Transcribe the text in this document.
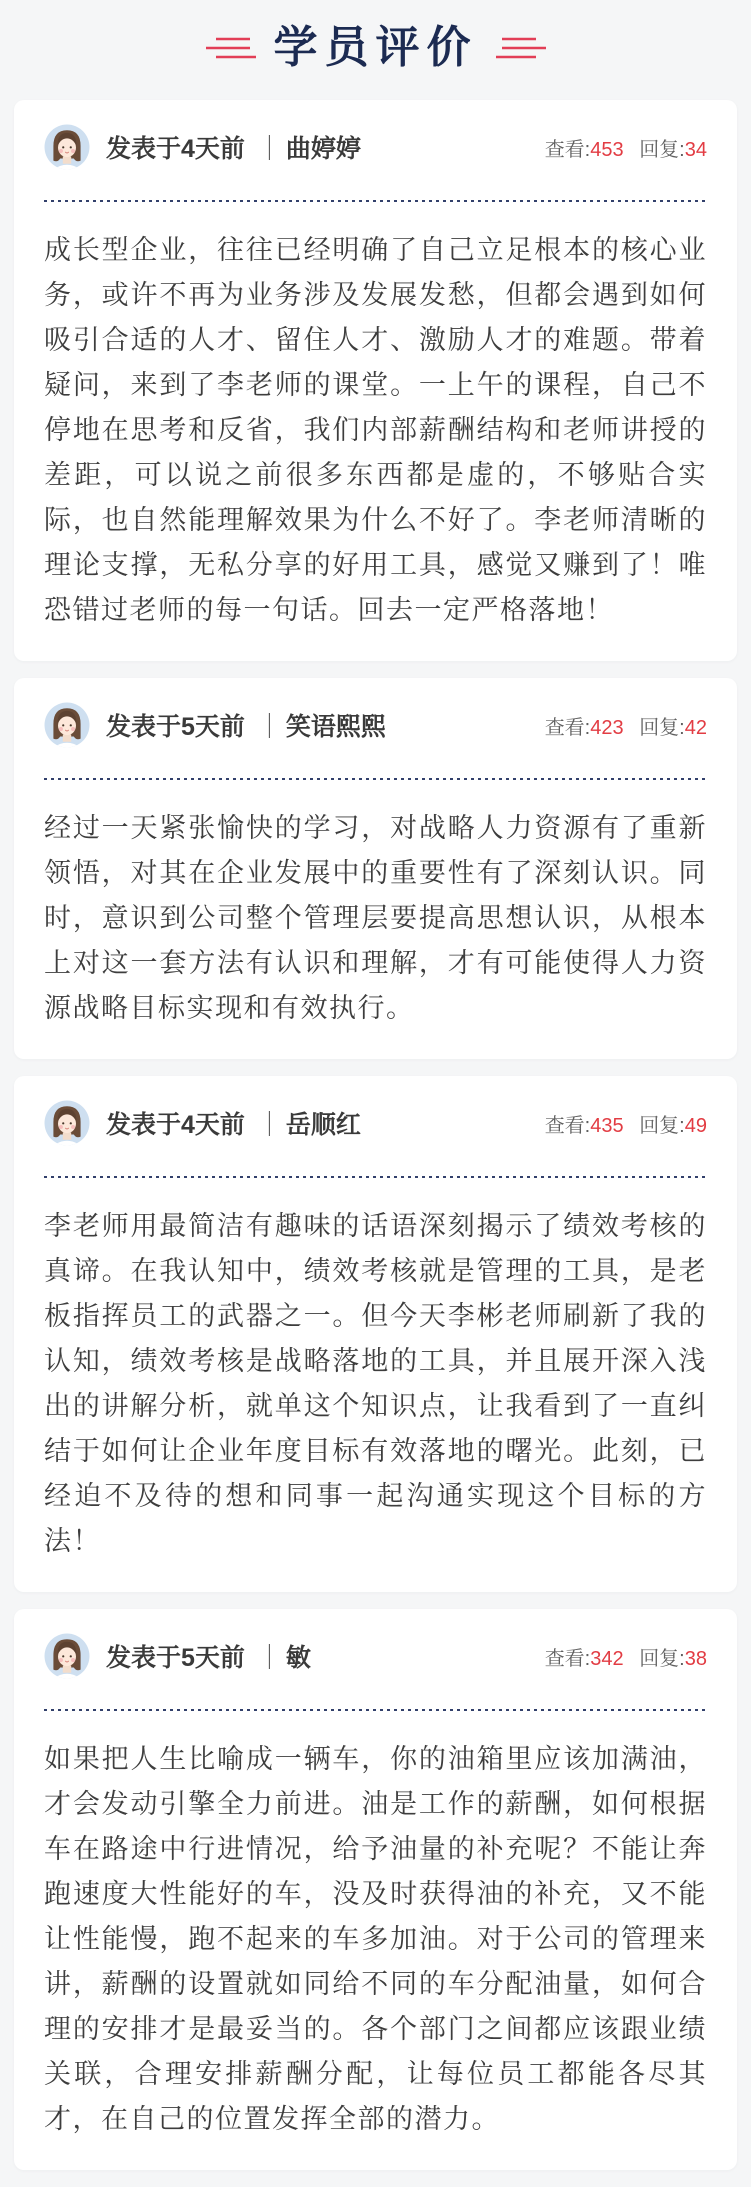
学员评价
发表于4天前 ｜ 曲婷婷	查看:453 回复:34

成长型企业，往往已经明确了自己立足根本的核心业务，或许不再为业务涉及发展发愁，但都会遇到如何吸引合适的人才、留住人才、激励人才的难题。带着疑问，来到了李老师的课堂。一上午的课程，自己不停地在思考和反省，我们内部薪酬结构和老师讲授的差距，可以说之前很多东西都是虚的，不够贴合实际，也自然能理解效果为什么不好了。李老师清晰的理论支撑，无私分享的好用工具，感觉又赚到了！唯恐错过老师的每一句话。回去一定严格落地！

发表于5天前 ｜ 笑语熙熙	查看:423 回复:42

经过一天紧张愉快的学习，对战略人力资源有了重新领悟，对其在企业发展中的重要性有了深刻认识。同时，意识到公司整个管理层要提高思想认识，从根本上对这一套方法有认识和理解，才有可能使得人力资源战略目标实现和有效执行。

发表于4天前 ｜ 岳顺红	查看:435 回复:49

李老师用最简洁有趣味的话语深刻揭示了绩效考核的真谛。在我认知中，绩效考核就是管理的工具，是老板指挥员工的武器之一。但今天李彬老师刷新了我的认知，绩效考核是战略落地的工具，并且展开深入浅出的讲解分析，就单这个知识点，让我看到了一直纠结于如何让企业年度目标有效落地的曙光。此刻，已经迫不及待的想和同事一起沟通实现这个目标的方法！

发表于5天前 ｜ 敏	查看:342 回复:38

如果把人生比喻成一辆车，你的油箱里应该加满油，才会发动引擎全力前进。油是工作的薪酬，如何根据车在路途中行进情况，给予油量的补充呢？不能让奔跑速度大性能好的车，没及时获得油的补充，又不能让性能慢，跑不起来的车多加油。对于公司的管理来讲，薪酬的设置就如同给不同的车分配油量，如何合理的安排才是最妥当的。各个部门之间都应该跟业绩关联，合理安排薪酬分配，让每位员工都能各尽其才，在自己的位置发挥全部的潜力。
